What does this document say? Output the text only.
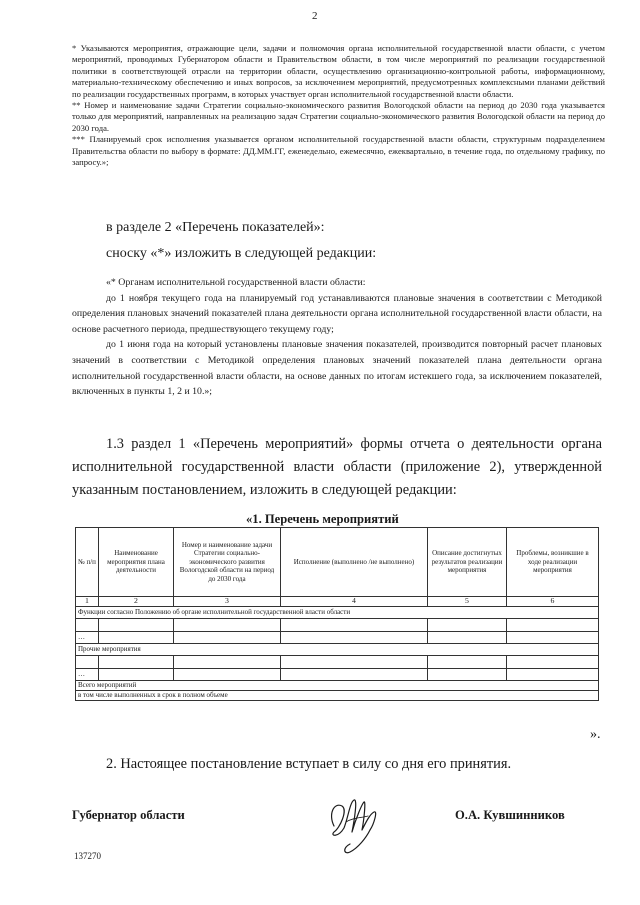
2

* Указываются мероприятия, отражающие цели, задачи и полномочия органа исполнительной государственной власти области, с учетом мероприятий, проводимых Губернатором области и Правительством области, в том числе мероприятий по реализации государственной политики в соответствующей отрасли на территории области, осуществлению организационно-контрольной работы, информационному, материально-техническому обеспечению и иных вопросов, за исключением мероприятий, предусмотренных комплексными планами действий по реализации государственных программ, в которых участвует орган исполнительной государственной власти области.

** Номер и наименование задачи Стратегии социально-экономического развития Вологодской области на период до 2030 года указывается только для мероприятий, направленных на реализацию задач Стратегии социально-экономического развития Вологодской области на период до 2030 года.

*** Планируемый срок исполнения указывается органом исполнительной государственной власти области, структурным подразделением Правительства области по выбору в формате: ДД.ММ.ГГ, еженедельно, ежемесячно, ежеквартально, в течение года, по отдельному графику, по запросу.»;

в разделе 2 «Перечень показателей»:
сноску «*» изложить в следующей редакции:

«* Органам исполнительной государственной власти области:

до 1 ноября текущего года на планируемый год устанавливаются плановые значения в соответствии с Методикой определения плановых значений показателей плана деятельности органа исполнительной государственной власти области, на основе расчетного периода, предшествующего текущему году;

до 1 июня года на который установлены плановые значения показателей, производится повторный расчет плановых значений в соответствии с Методикой определения плановых значений показателей плана деятельности органа исполнительной государственной власти области, на основе данных по итогам истекшего года, за исключением показателей, включенных в пункты 1, 2 и 10.»;

1.3 раздел 1 «Перечень мероприятий» формы отчета о деятельности органа исполнительной государственной власти области (приложение 2), утвержденной указанным постановлением, изложить в следующей редакции:

«1. Перечень мероприятий
№ п/п	Наименование мероприятия плана деятельности	Номер и наименование задачи Стратегии социально-экономического развития Вологодской области на период до 2030 года	Исполнение (выполнено /не выполнено)	Описание достигнутых результатов реализации мероприятия	Проблемы, возникшие в ходе реализации мероприятия
1	2	3	4	5	6
Функции согласно Положению об органе исполнительной государственной власти области					

…					
Прочие мероприятия					

…					
Всего мероприятий					
в том числе выполненных в срок в полном объеме					
».
2. Настоящее постановление вступает в силу со дня его принятия.
Губернатор области	О.А. Кувшинников
137270
